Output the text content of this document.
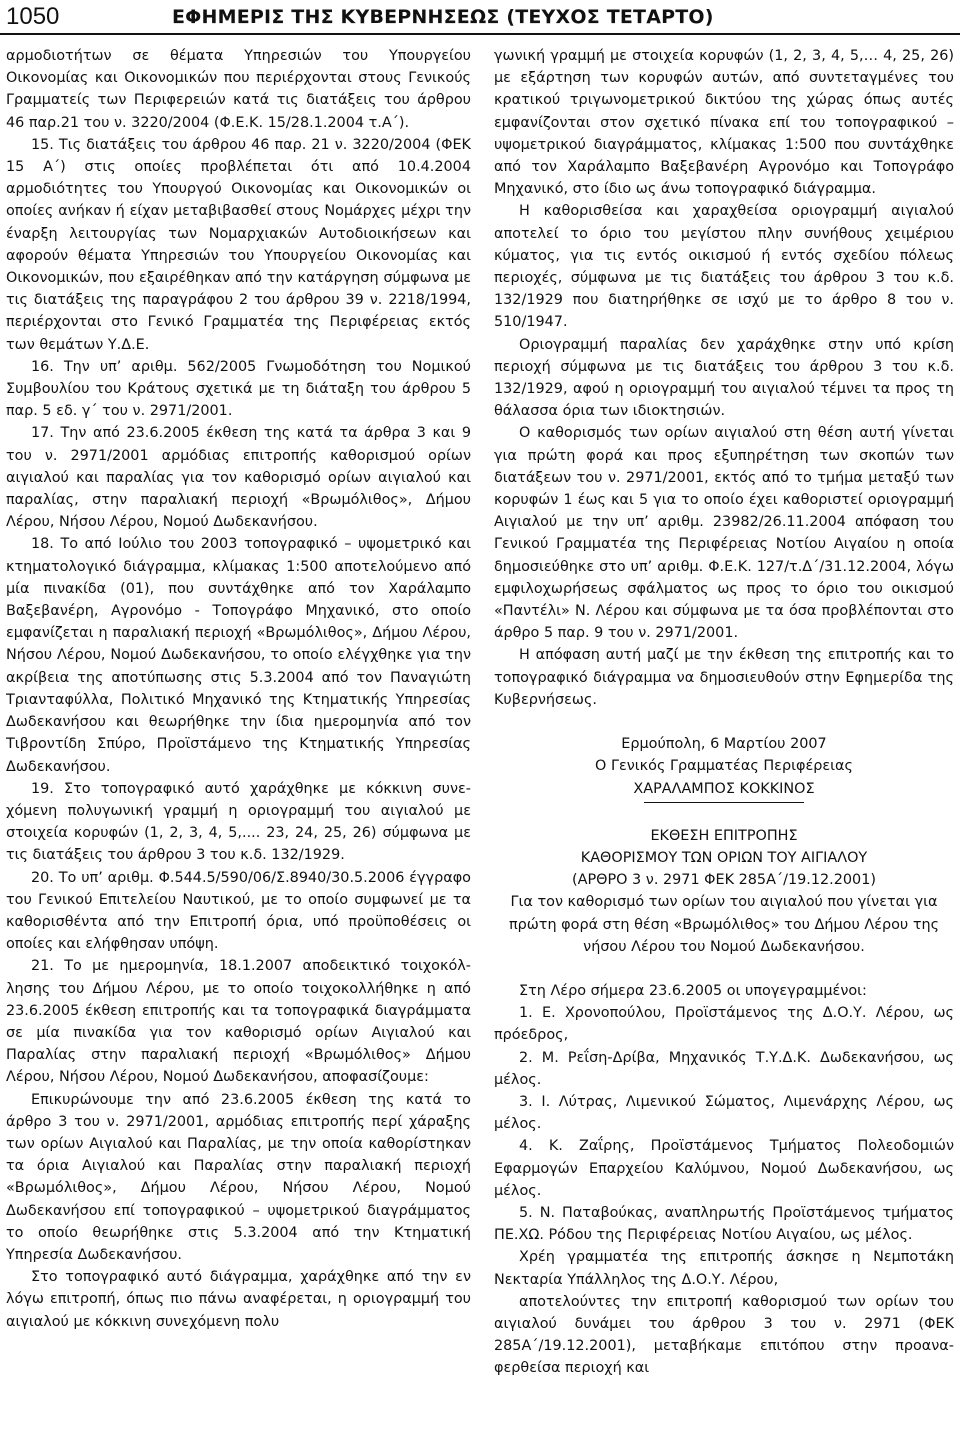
1050	ΕΦΗΜΕΡΙΣ ΤΗΣ ΚΥΒΕΡΝΗΣΕΩΣ (ΤΕΥΧΟΣ ΤΕΤΑΡΤΟ)

αρμοδιοτήτων σε θέματα Υπηρεσιών του Υπουργείου Οικονομίας και Οικονομικών που περιέρχονται στους Γενικούς Γραμματείς των Περιφερειών κατά τις διατάξεις του άρθρου 46 παρ.21 του ν. 3220/2004 (Φ.Ε.Κ. 15/28.1.2004 τ.Α΄).

15. Τις διατάξεις του άρθρου 46 παρ. 21 ν. 3220/2004 (ΦΕΚ 15 Α΄) στις οποίες προβλέπεται ότι από 10.4.2004 αρμοδιότητες του Υπουργού Οικονομίας και Οικονομικών οι οποίες ανήκαν ή είχαν μεταβιβασθεί στους Νομάρχες μέχρι την έναρξη λειτουργίας των Νομαρχιακών Αυτοδιοικήσεων και αφορούν θέματα Υπηρεσιών του Υπουργείου Οικονομίας και Οικονομικών, που εξαιρέθηκαν από την κατάργηση σύμφωνα με τις διατάξεις της παραγράφου 2 του άρθρου 39 ν. 2218/1994, περιέρχονται στο Γενικό Γραμματέα της Περιφέρειας εκτός των θεμάτων Υ.Δ.Ε.

16. Την υπ’ αριθμ. 562/2005 Γνωμοδότηση του Νομικού Συμβουλίου του Κράτους σχετικά με τη διάταξη του άρθρου 5 παρ. 5 εδ. γ΄ του ν. 2971/2001.

17. Την από 23.6.2005 έκθεση της κατά τα άρθρα 3 και 9 του ν. 2971/2001 αρμόδιας επιτροπής καθορισμού ορίων αιγιαλού και παραλίας για τον καθορισμό ορίων αιγιαλού και παραλίας, στην παραλιακή περιοχή «Βρωμόλιθος», Δήμου Λέρου, Νήσου Λέρου, Νομού Δωδεκανήσου.

18. Το από Ιούλιο του 2003 τοπογραφικό – υψομετρικό και κτηματολογικό διάγραμμα, κλίμακας 1:500 αποτελούμενο από μία πινακίδα (01), που συντάχθηκε από τον Χαράλαμπο Βαξεβανέρη, Αγρονόμο - Τοπογράφο Μηχανικό, στο οποίο εμφανίζεται η παραλιακή περιοχή «Βρωμόλιθος», Δήμου Λέρου, Νήσου Λέρου, Νομού Δωδεκανήσου, το οποίο ελέγχθηκε για την ακρίβεια της αποτύπωσης στις 5.3.2004 από τον Παναγιώτη Τριανταφύλλα, Πολιτικό Μηχανικό της Κτηματικής Υπηρεσίας Δωδεκανήσου και θεωρήθηκε την ίδια ημερομηνία από τον Τιβροντίδη Σπύρο, Προϊστάμενο της Κτηματικής Υπηρεσίας Δωδεκανήσου.

19. Στο τοπογραφικό αυτό χαράχθηκε με κόκκινη συνεχόμενη πολυγωνική γραμμή η οριογραμμή του αιγιαλού με στοιχεία κορυφών (1, 2, 3, 4, 5,.... 23, 24, 25, 26) σύμφωνα με τις διατάξεις του άρθρου 3 του κ.δ. 132/1929.

20. Το υπ’ αριθμ. Φ.544.5/590/06/Σ.8940/30.5.2006 έγγραφο του Γενικού Επιτελείου Ναυτικού, με το οποίο συμφωνεί με τα καθορισθέντα από την Επιτροπή όρια, υπό προϋποθέσεις οι οποίες και ελήφθησαν υπόψη.

21. Το με ημερομηνία, 18.1.2007 αποδεικτικό τοιχοκόλλησης του Δήμου Λέρου, με το οποίο τοιχοκολλήθηκε η από 23.6.2005 έκθεση επιτροπής και τα τοπογραφικά διαγράμματα σε μία πινακίδα για τον καθορισμό ορίων Αιγιαλού και Παραλίας στην παραλιακή περιοχή «Βρωμόλιθος» Δήμου Λέρου, Νήσου Λέρου, Νομού Δωδεκανήσου, αποφασίζουμε:

Επικυρώνουμε την από 23.6.2005 έκθεση της κατά το άρθρο 3 του ν. 2971/2001, αρμόδιας επιτροπής περί χάραξης των ορίων Αιγιαλού και Παραλίας, με την οποία καθορίστηκαν τα όρια Αιγιαλού και Παραλίας στην παραλιακή περιοχή «Βρωμόλιθος», Δήμου Λέρου, Νήσου Λέρου, Νομού Δωδεκανήσου επί τοπογραφικού – υψομετρικού διαγράμματος το οποίο θεωρήθηκε στις 5.3.2004 από την Κτηματική Υπηρεσία Δωδεκανήσου.

Στο τοπογραφικό αυτό διάγραμμα, χαράχθηκε από την εν λόγω επιτροπή, όπως πιο πάνω αναφέρεται, η οριογραμμή του αιγιαλού με κόκκινη συνεχόμενη πολυ

γωνική γραμμή με στοιχεία κορυφών (1, 2, 3, 4, 5,… 4, 25, 26) με εξάρτηση των κορυφών αυτών, από συντεταγμένες του κρατικού τριγωνομετρικού δικτύου της χώρας όπως αυτές εμφανίζονται στον σχετικό πίνακα επί του τοπογραφικού – υψομετρικού διαγράμματος, κλίμακας 1:500 που συντάχθηκε από τον Χαράλαμπο Βαξεβανέρη Αγρονόμο και Τοπογράφο Μηχανικό, στο ίδιο ως άνω τοπογραφικό διάγραμμα.

Η καθορισθείσα και χαραχθείσα οριογραμμή αιγιαλού αποτελεί το όριο του μεγίστου πλην συνήθους χειμέριου κύματος, για τις εντός οικισμού ή εντός σχεδίου πόλεως περιοχές, σύμφωνα με τις διατάξεις του άρθρου 3 του κ.δ. 132/1929 που διατηρήθηκε σε ισχύ με το άρθρο 8 του ν. 510/1947.

Οριογραμμή παραλίας δεν χαράχθηκε στην υπό κρίση περιοχή σύμφωνα με τις διατάξεις του άρθρου 3 του κ.δ. 132/1929, αφού η οριογραμμή του αιγιαλού τέμνει τα προς τη θάλασσα όρια των ιδιοκτησιών.

Ο καθορισμός των ορίων αιγιαλού στη θέση αυτή γίνεται για πρώτη φορά και προς εξυπηρέτηση των σκοπών των διατάξεων του ν. 2971/2001, εκτός από το τμήμα μεταξύ των κορυφών 1 έως και 5 για το οποίο έχει καθοριστεί οριογραμμή Αιγιαλού με την υπ’ αριθμ. 23982/26.11.2004 απόφαση του Γενικού Γραμματέα της Περιφέρειας Νοτίου Αιγαίου η οποία δημοσιεύθηκε στο υπ’ αριθμ. Φ.Ε.Κ. 127/τ.Δ΄/31.12.2004, λόγω εμφιλοχωρήσεως σφάλματος ως προς το όριο του οικισμού «Παντέλι» Ν. Λέρου και σύμφωνα με τα όσα προβλέπονται στο άρθρο 5 παρ. 9 του ν. 2971/2001.

Η απόφαση αυτή μαζί με την έκθεση της επιτροπής και το τοπογραφικό διάγραμμα να δημοσιευθούν στην Εφημερίδα της Κυβερνήσεως.

Ερμούπολη, 6 Μαρτίου 2007

Ο Γενικός Γραμματέας Περιφέρειας

ΧΑΡΑΛΑΜΠΟΣ ΚΟΚΚΙΝΟΣ

ΕΚΘΕΣΗ ΕΠΙΤΡΟΠΗΣ

ΚΑΘΟΡΙΣΜΟΥ ΤΩΝ ΟΡΙΩΝ ΤΟΥ ΑΙΓΙΑΛΟΥ

(ΑΡΘΡΟ 3 ν. 2971 ΦΕΚ 285Α΄/19.12.2001)

Για τον καθορισμό των ορίων του αιγιαλού που γίνεται για πρώτη φορά στη θέση «Βρωμόλιθος» του Δήμου Λέρου της νήσου Λέρου του Νομού Δωδεκανήσου.

Στη Λέρο σήμερα 23.6.2005 οι υπογεγραμμένοι:

1. Ε. Χρονοπούλου, Προϊστάμενος της Δ.Ο.Υ. Λέρου, ως πρόεδρος,

2. Μ. Ρεΐση-Δρίβα, Μηχανικός Τ.Υ.Δ.Κ. Δωδεκανήσου, ως μέλος.

3. Ι. Λύτρας, Λιμενικού Σώματος, Λιμενάρχης Λέρου, ως μέλος.

4. Κ. Ζαΐρης, Προϊστάμενος Τμήματος Πολεοδομιών Εφαρμογών Επαρχείου Καλύμνου, Νομού Δωδεκανήσου, ως μέλος.

5. Ν. Παταβούκας, αναπληρωτής Προϊστάμενος τμήματος ΠΕ.ΧΩ. Ρόδου της Περιφέρειας Νοτίου Αιγαίου, ως μέλος.

Χρέη γραμματέα της επιτροπής άσκησε η Νεμποτάκη Νεκταρία Υπάλληλος της Δ.Ο.Υ. Λέρου,

αποτελούντες την επιτροπή καθορισμού των ορίων του αιγιαλού δυνάμει του άρθρου 3 του ν. 2971 (ΦΕΚ 285Α΄/19.12.2001), μεταβήκαμε επιτόπου στην προαναφερθείσα περιοχή και
